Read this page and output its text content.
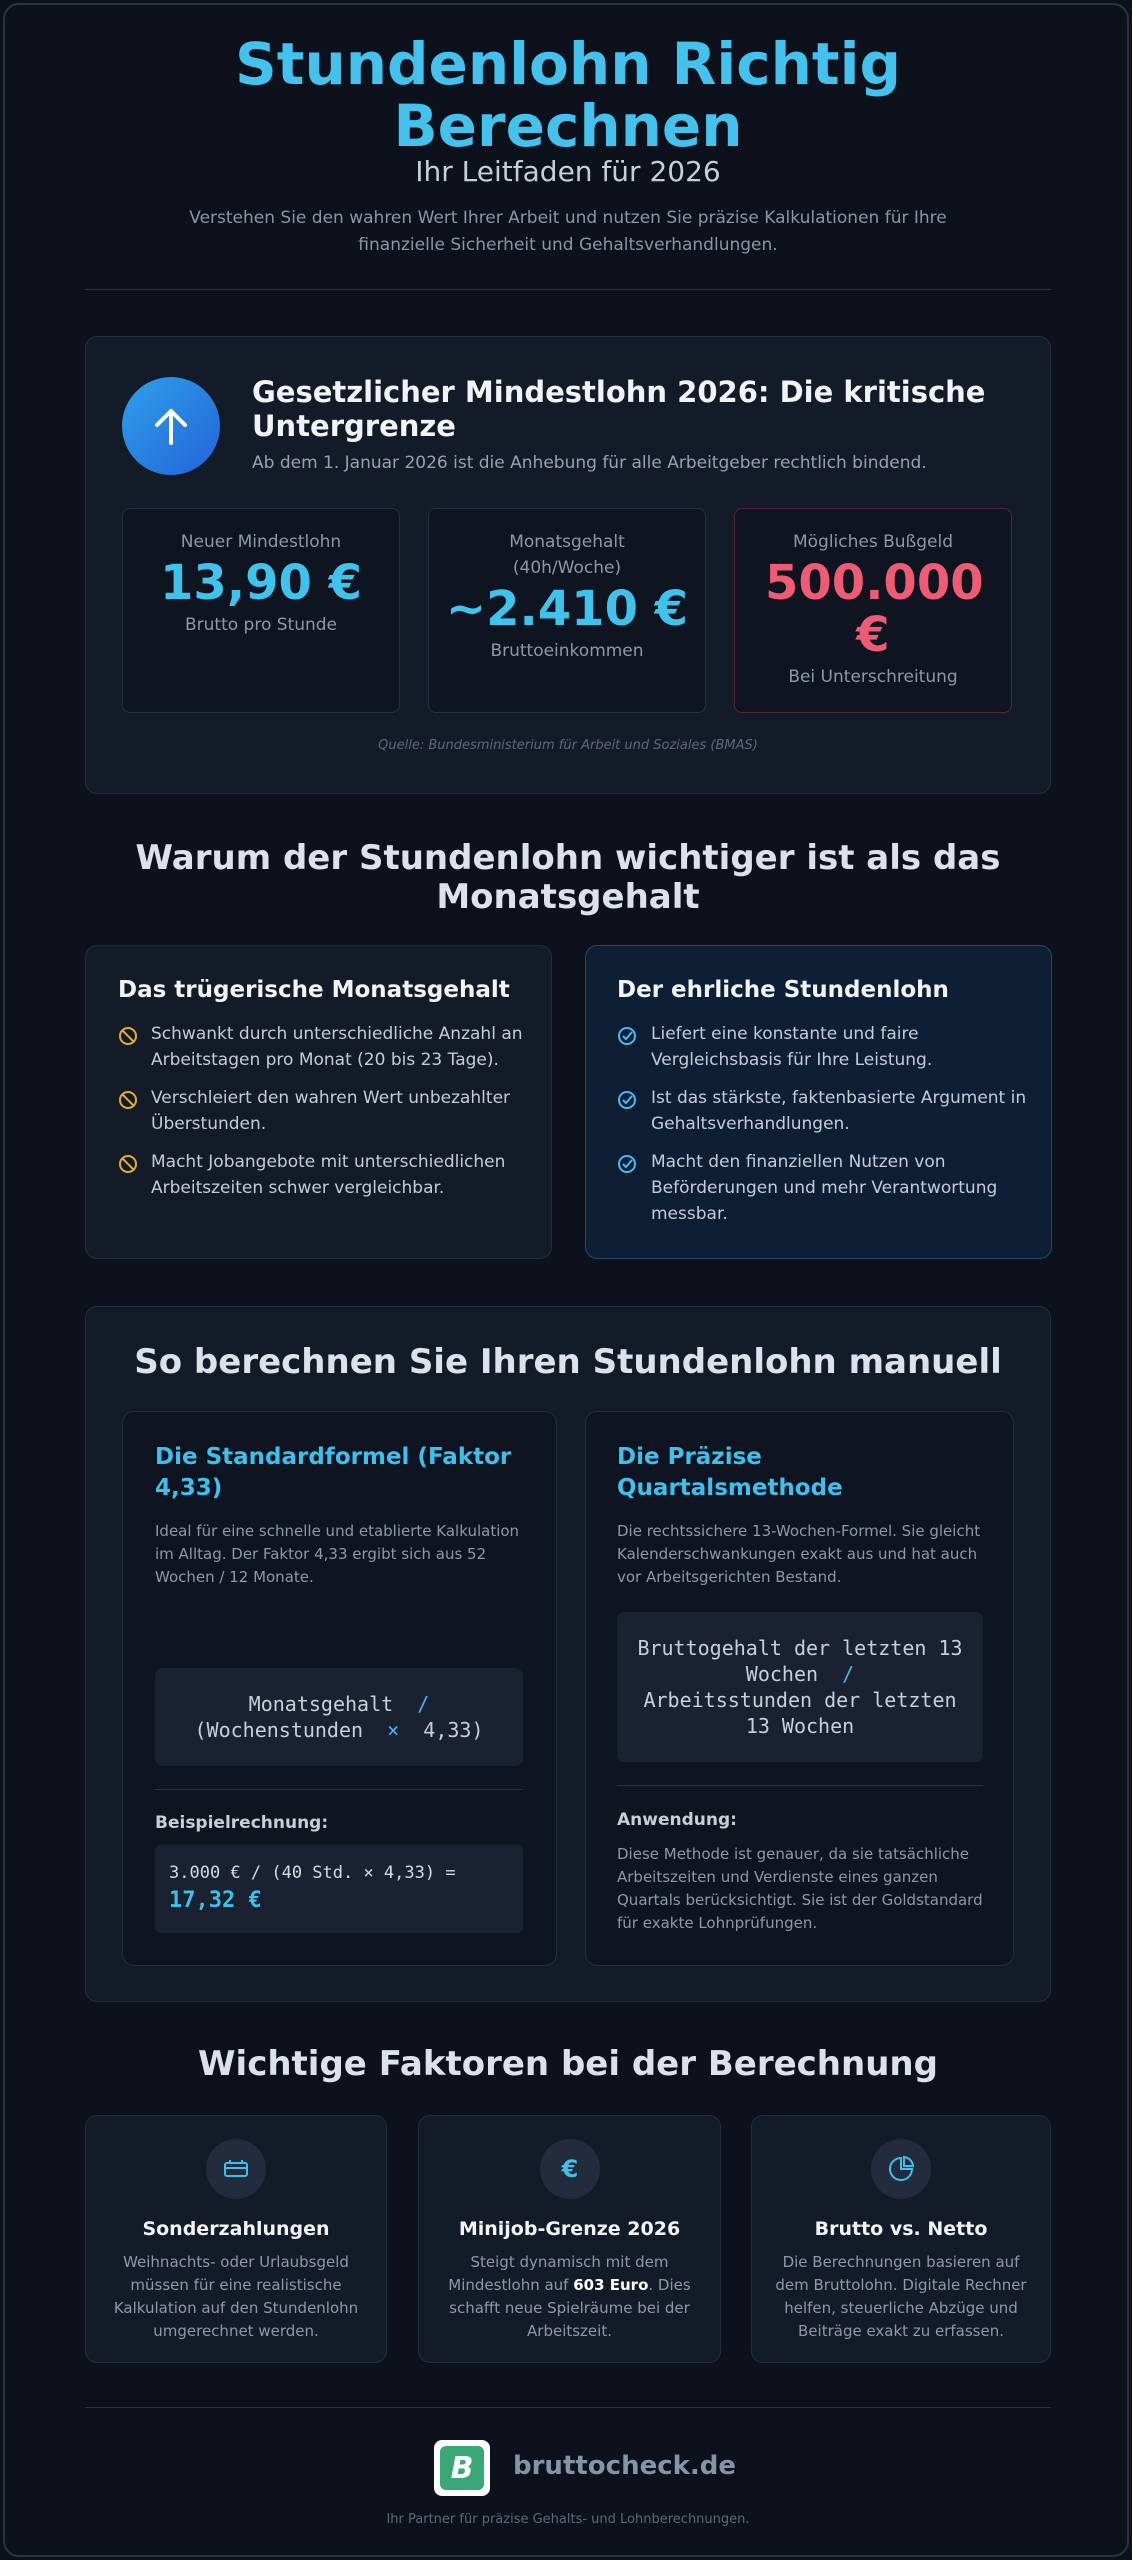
Stundenlohn Richtig Berechnen
Ihr Leitfaden für 2026
Verstehen Sie den wahren Wert Ihrer Arbeit und nutzen Sie präzise Kalkulationen für Ihre finanzielle Sicherheit und Gehaltsverhandlungen.
Gesetzlicher Mindestlohn 2026: Die kritische Untergrenze
Ab dem 1. Januar 2026 ist die Anhebung für alle Arbeitgeber rechtlich bindend.
Neuer Mindestlohn
13,90 €
Brutto pro Stunde
Monatsgehalt (40h/Woche)
~2.410 €
Bruttoeinkommen
Mögliches Bußgeld
500.000 €
Bei Unterschreitung
Quelle: Bundesministerium für Arbeit und Soziales (BMAS)
Warum der Stundenlohn wichtiger ist als das Monatsgehalt
Das trügerische Monatsgehalt
Schwankt durch unterschiedliche Anzahl an Arbeitstagen pro Monat (20 bis 23 Tage).
Verschleiert den wahren Wert unbezahlter Überstunden.
Macht Jobangebote mit unterschiedlichen Arbeitszeiten schwer vergleichbar.
Der ehrliche Stundenlohn
Liefert eine konstante und faire Vergleichsbasis für Ihre Leistung.
Ist das stärkste, faktenbasierte Argument in Gehaltsverhandlungen.
Macht den finanziellen Nutzen von Beförderungen und mehr Verantwortung messbar.
So berechnen Sie Ihren Stundenlohn manuell
Die Standardformel (Faktor 4,33)
Ideal für eine schnelle und etablierte Kalkulation im Alltag. Der Faktor 4,33 ergibt sich aus 52 Wochen / 12 Monate.
Monatsgehalt /
(Wochenstunden × 4,33)
Beispielrechnung:
3.000 € / (40 Std. × 4,33) =
17,32 €
Die Präzise Quartalsmethode
Die rechtssichere 13-Wochen-Formel. Sie gleicht Kalenderschwankungen exakt aus und hat auch vor Arbeitsgerichten Bestand.
Bruttogehalt der letzten 13 Wochen /
Arbeitsstunden der letzten 13 Wochen
Anwendung:
Diese Methode ist genauer, da sie tatsächliche Arbeitszeiten und Verdienste eines ganzen Quartals berücksichtigt. Sie ist der Goldstandard für exakte Lohnprüfungen.
Wichtige Faktoren bei der Berechnung
Sonderzahlungen
Weihnachts- oder Urlaubsgeld müssen für eine realistische Kalkulation auf den Stundenlohn umgerechnet werden.
€
Minijob-Grenze 2026
Steigt dynamisch mit dem Mindestlohn auf 603 Euro. Dies schafft neue Spielräume bei der Arbeitszeit.
Brutto vs. Netto
Die Berechnungen basieren auf dem Bruttolohn. Digitale Rechner helfen, steuerliche Abzüge und Beiträge exakt zu erfassen.
B	bruttocheck.de
Ihr Partner für präzise Gehalts- und Lohnberechnungen.
